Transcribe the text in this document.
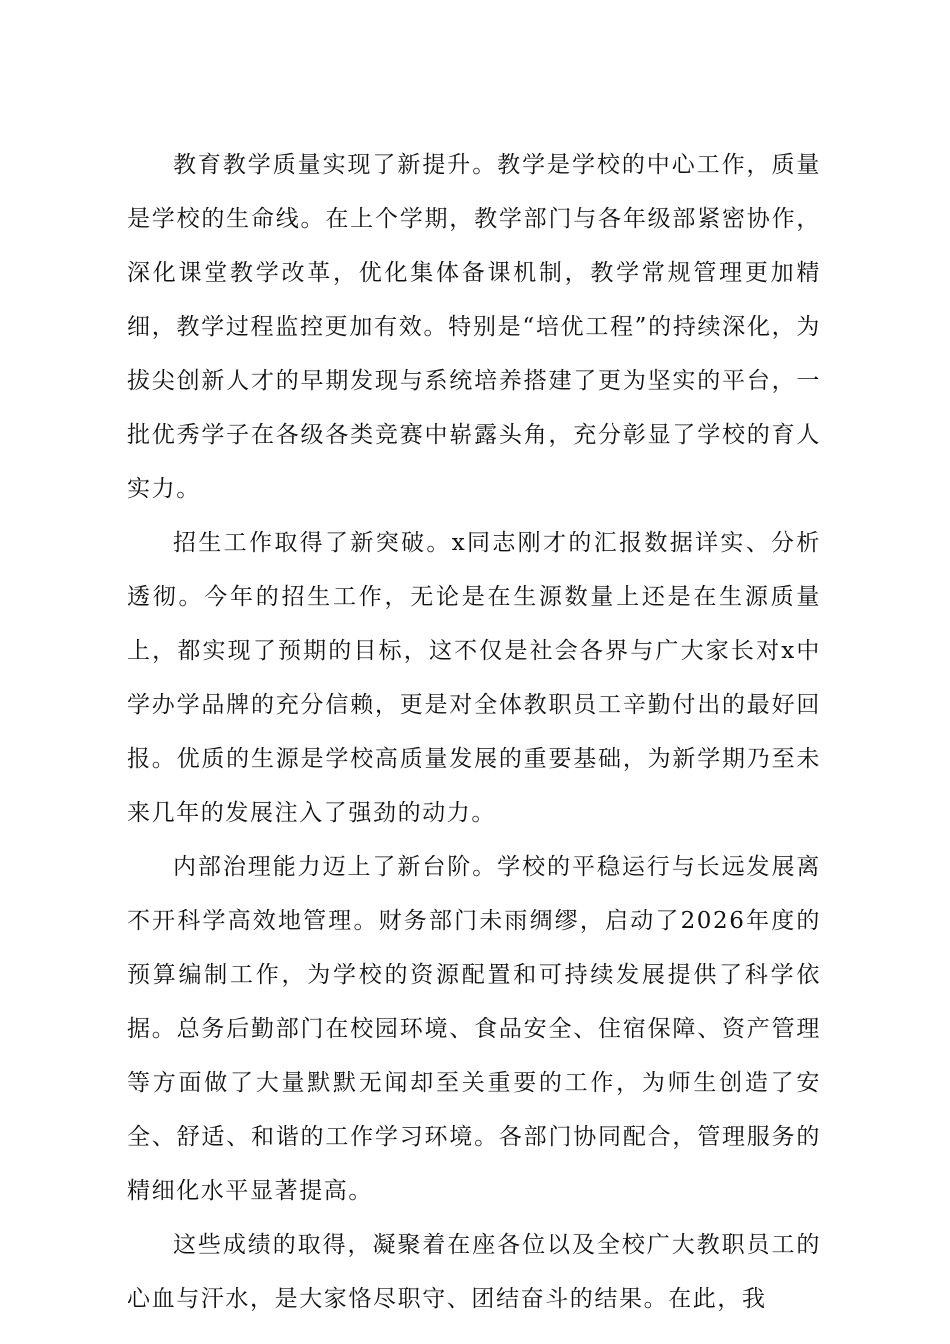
教育教学质量实现了新提升。教学是学校的中心工作，质量是学校的生命线。在上个学期，教学部门与各年级部紧密协作，深化课堂教学改革，优化集体备课机制，教学常规管理更加精细，教学过程监控更加有效。特别是“培优工程”的持续深化，为拔尖创新人才的早期发现与系统培养搭建了更为坚实的平台，一批优秀学子在各级各类竞赛中崭露头角，充分彰显了学校的育人实力。

招生工作取得了新突破。x同志刚才的汇报数据详实、分析透彻。今年的招生工作，无论是在生源数量上还是在生源质量上，都实现了预期的目标，这不仅是社会各界与广大家长对x中学办学品牌的充分信赖，更是对全体教职员工辛勤付出的最好回报。优质的生源是学校高质量发展的重要基础，为新学期乃至未来几年的发展注入了强劲的动力。

内部治理能力迈上了新台阶。学校的平稳运行与长远发展离不开科学高效地管理。财务部门未雨绸缪，启动了2026年度的预算编制工作，为学校的资源配置和可持续发展提供了科学依据。总务后勤部门在校园环境、食品安全、住宿保障、资产管理等方面做了大量默默无闻却至关重要的工作，为师生创造了安全、舒适、和谐的工作学习环境。各部门协同配合，管理服务的精细化水平显著提高。

这些成绩的取得，凝聚着在座各位以及全校广大教职员工的心血与汗水，是大家恪尽职守、团结奋斗的结果。在此，我
